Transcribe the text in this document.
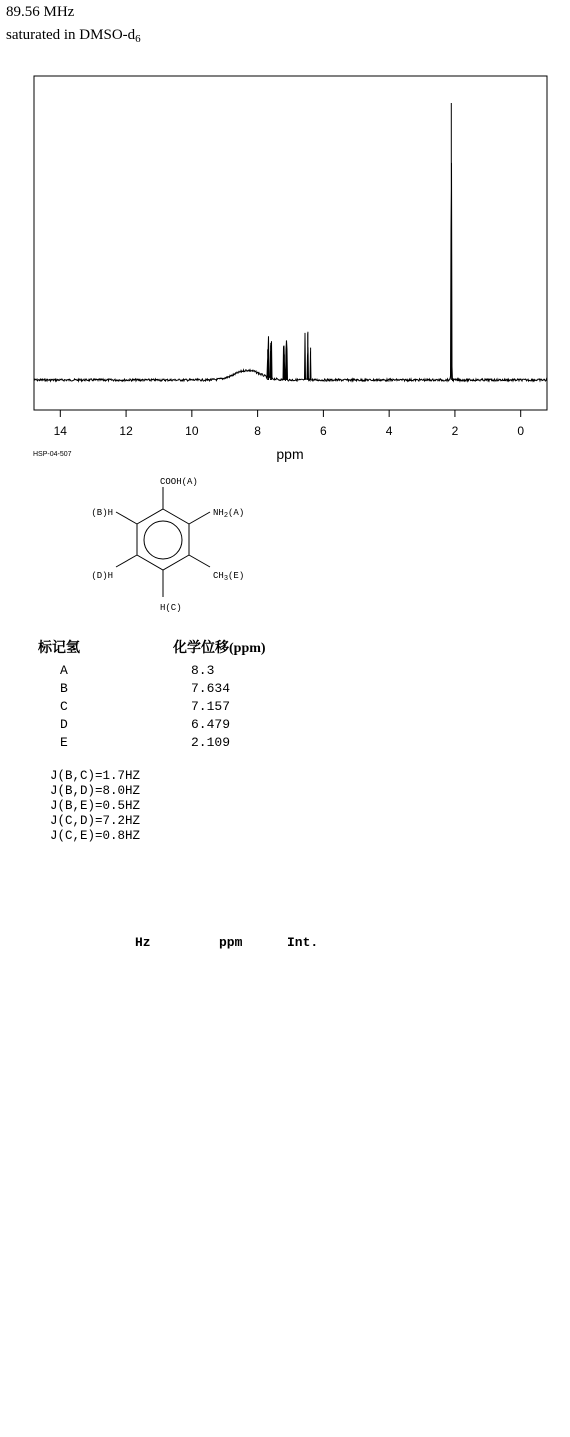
89.56 MHz
saturated in DMSO-$d_6$
14	12	10	8	6	4	2	0
ppm
COOH(A)
(B)H	$NH_2(A)$
(D)H	$CH_3(E)$
H(C)
HSP-04-507
标记氢	化学位移(ppm)
A	8.3
B	7.634
C	7.157
D	6.479
E	2.109
J(B,C)=1.7HZ
J(B,D)=8.0HZ
J(B,E)=0.5HZ
J(C,D)=7.2HZ
J(C,E)=0.8HZ
Hz	ppm	Int.
